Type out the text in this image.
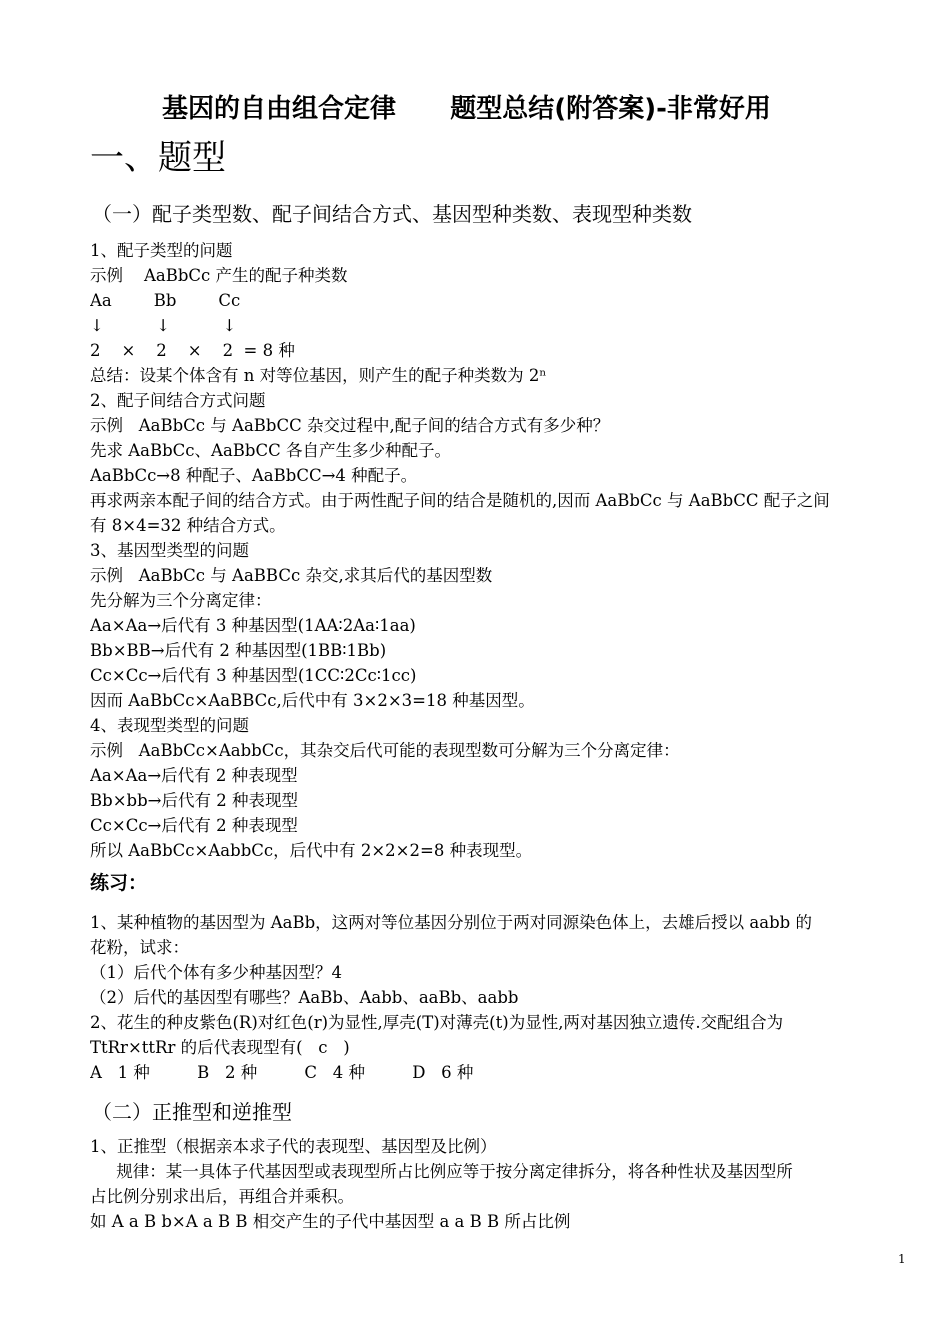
基因的自由组合定律      题型总结(附答案)-非常好用
一、题型
（一）配子类型数、配子间结合方式、基因型种类数、表现型种类数
1、配子类型的问题
示例    AaBbCc 产生的配子种类数
Aa        Bb        Cc
↓          ↓          ↓
2    ×    2    ×    2  = 8 种
总结：设某个体含有 n 对等位基因，则产生的配子种类数为 2ⁿ
2、配子间结合方式问题
示例   AaBbCc 与 AaBbCC 杂交过程中,配子间的结合方式有多少种？
先求 AaBbCc、AaBbCC 各自产生多少种配子。
AaBbCc→8 种配子、AaBbCC→4 种配子。
再求两亲本配子间的结合方式。由于两性配子间的结合是随机的,因而 AaBbCc 与 AaBbCC 配子之间
有 8×4=32 种结合方式。
3、基因型类型的问题
示例   AaBbCc 与 AaBBCc 杂交,求其后代的基因型数
先分解为三个分离定律：
Aa×Aa→后代有 3 种基因型(1AA∶2Aa∶1aa)
Bb×BB→后代有 2 种基因型(1BB∶1Bb)
Cc×Cc→后代有 3 种基因型(1CC∶2Cc∶1cc)
因而 AaBbCc×AaBBCc,后代中有 3×2×3=18 种基因型。
4、表现型类型的问题
示例   AaBbCc×AabbCc，其杂交后代可能的表现型数可分解为三个分离定律：
Aa×Aa→后代有 2 种表现型
Bb×bb→后代有 2 种表现型
Cc×Cc→后代有 2 种表现型
所以 AaBbCc×AabbCc，后代中有 2×2×2=8 种表现型。
练习：
1、某种植物的基因型为 AaBb，这两对等位基因分别位于两对同源染色体上，去雄后授以 aabb 的
花粉，试求：
（1）后代个体有多少种基因型？4
（2）后代的基因型有哪些？AaBb、Aabb、aaBb、aabb
2、花生的种皮紫色(R)对红色(r)为显性,厚壳(T)对薄壳(t)为显性,两对基因独立遗传.交配组合为
TtRr×ttRr 的后代表现型有(   c   )
A   1 种         B   2 种         C   4 种         D   6 种
（二）正推型和逆推型
1、正推型（根据亲本求子代的表现型、基因型及比例）
规律：某一具体子代基因型或表现型所占比例应等于按分离定律拆分，将各种性状及基因型所
占比例分别求出后，再组合并乘积。
如 A a B b×A a B B 相交产生的子代中基因型 a a B B 所占比例
1
